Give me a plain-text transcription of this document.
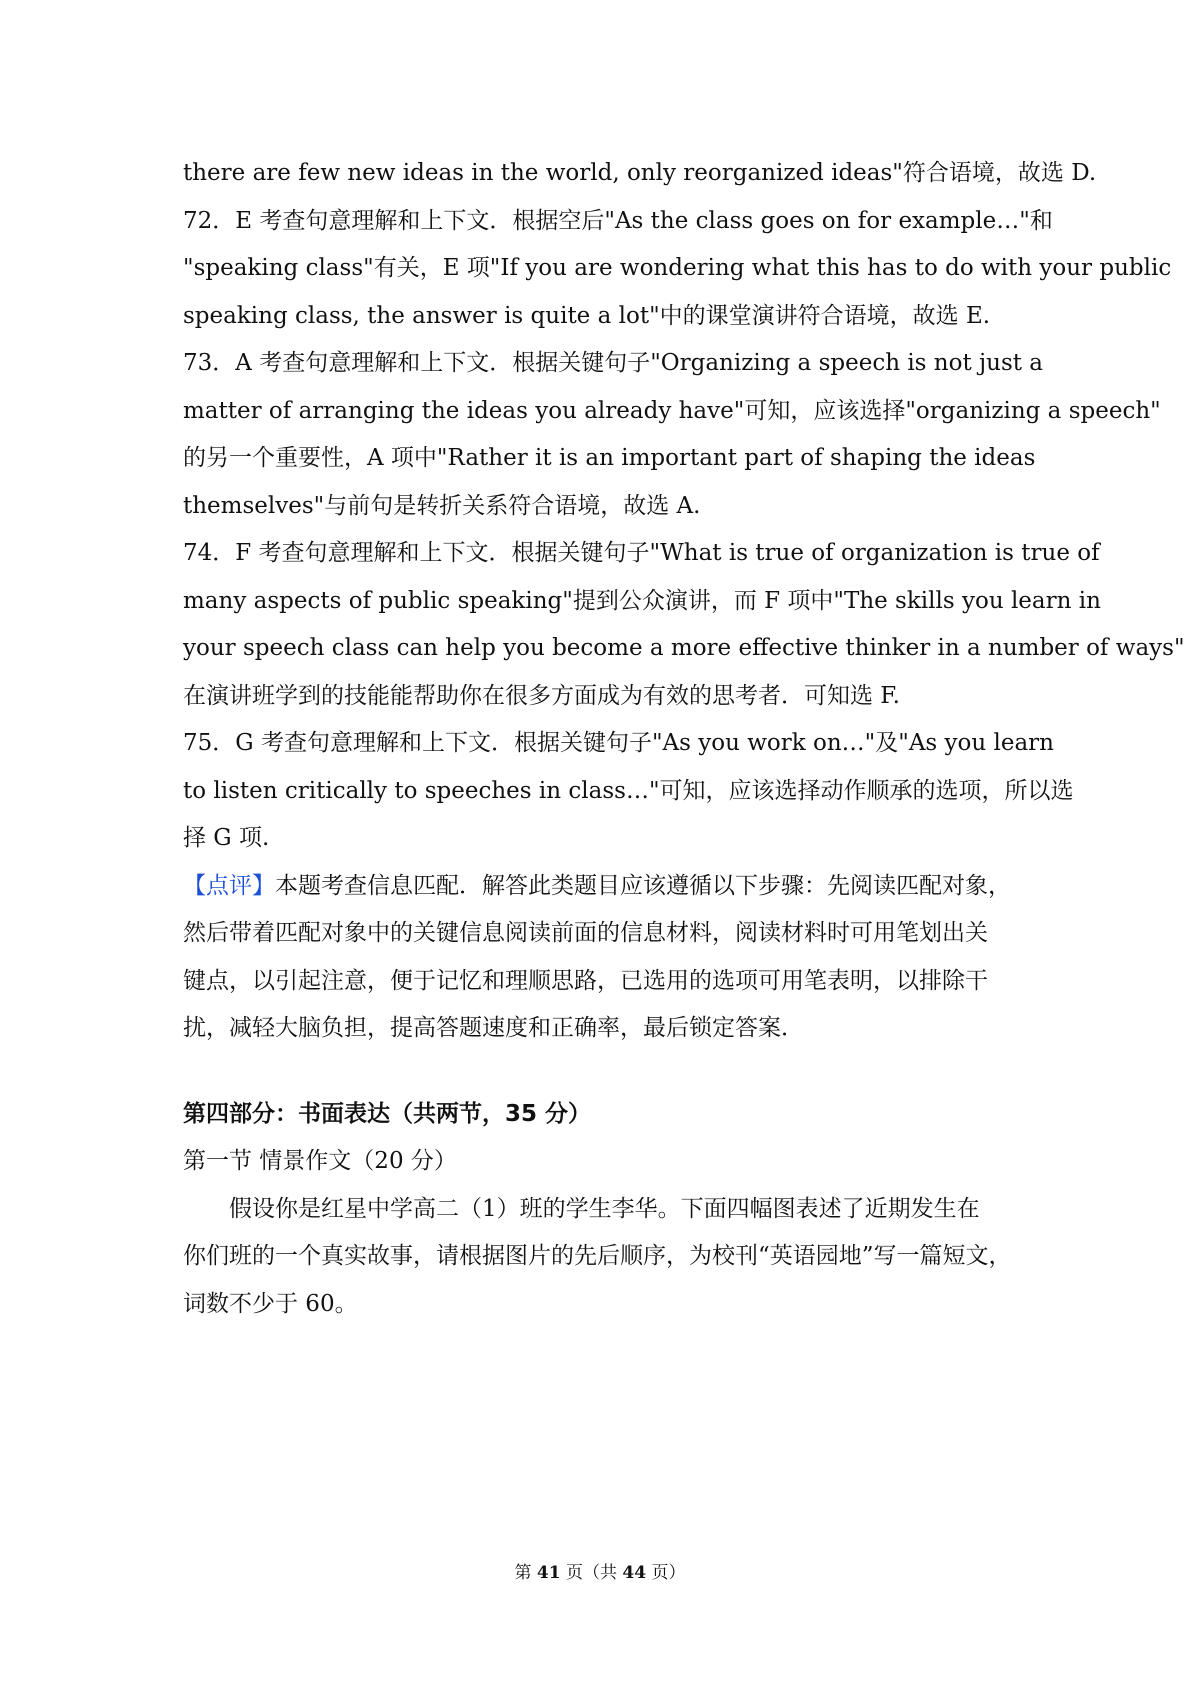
there are few new ideas in the world, only reorganized ideas"符合语境，故选 D.
72．E 考查句意理解和上下文．根据空后"As the class goes on for example…"和
"speaking class"有关，E 项"If you are wondering what this has to do with your public
speaking class, the answer is quite a lot"中的课堂演讲符合语境，故选 E.
73．A 考查句意理解和上下文．根据关键句子"Organizing a speech is not just a
matter of arranging the ideas you already have"可知，应该选择"organizing a speech"
的另一个重要性，A 项中"Rather it is an important part of shaping the ideas
themselves"与前句是转折关系符合语境，故选 A.
74．F 考查句意理解和上下文．根据关键句子"What is true of organization is true of
many aspects of public speaking"提到公众演讲，而 F 项中"The skills you learn in
your speech class can help you become a more effective thinker in a number of ways"
在演讲班学到的技能能帮助你在很多方面成为有效的思考者．可知选 F.
75．G 考查句意理解和上下文．根据关键句子"As you work on…"及"As you learn
to listen critically to speeches in class…"可知，应该选择动作顺承的选项，所以选
择 G 项.
【点评】本题考查信息匹配．解答此类题目应该遵循以下步骤：先阅读匹配对象，
然后带着匹配对象中的关键信息阅读前面的信息材料，阅读材料时可用笔划出关
键点，以引起注意，便于记忆和理顺思路，已选用的选项可用笔表明，以排除干
扰，减轻大脑负担，提高答题速度和正确率，最后锁定答案．
第四部分：书面表达（共两节，35 分）
第一节 情景作文（20 分）
假设你是红星中学高二（1）班的学生李华。下面四幅图表述了近期发生在
你们班的一个真实故事，请根据图片的先后顺序，为校刊“英语园地”写一篇短文，
词数不少于 60。
第 41 页（共 44 页）
